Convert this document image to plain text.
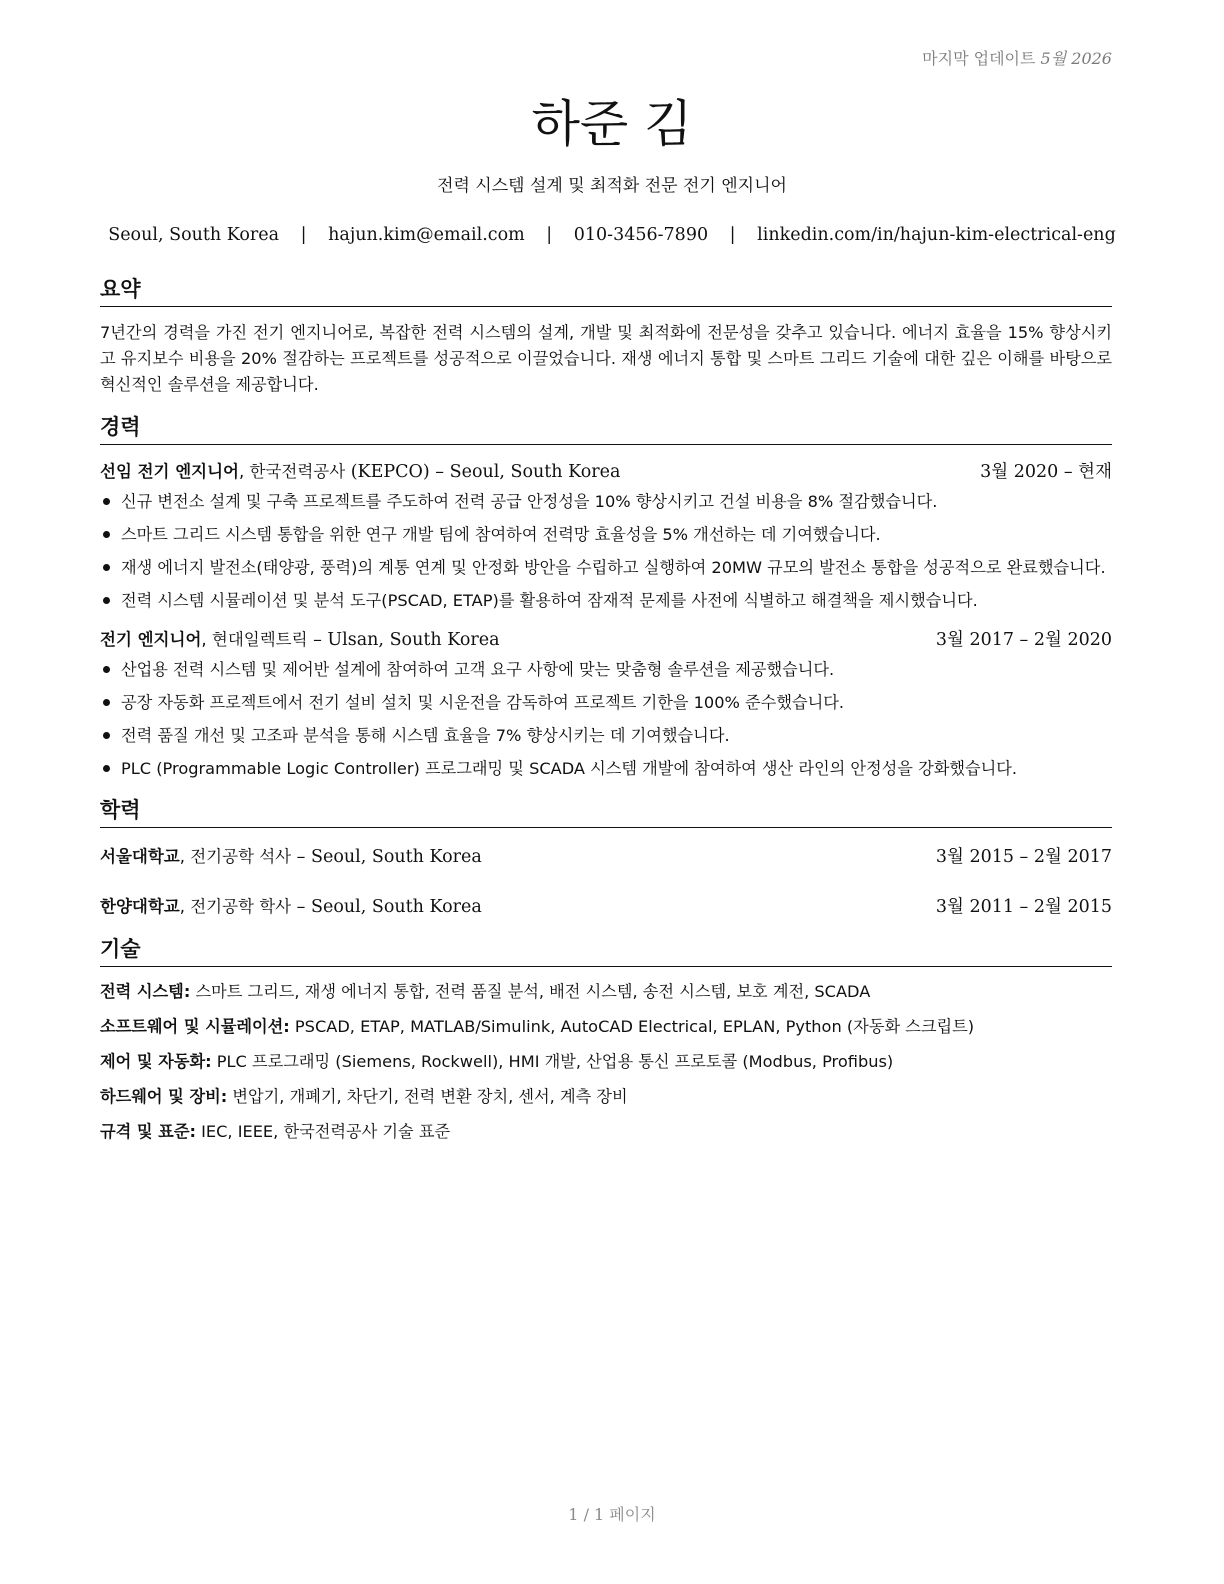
마지막 업데이트 5월 2026
하준 김
전력 시스템 설계 및 최적화 전문 전기 엔지니어
Seoul, South Korea | hajun.kim@email.com | 010-3456-7890 | linkedin.com/in/hajun-kim-electrical-eng
요약

7년간의 경력을 가진 전기 엔지니어로, 복잡한 전력 시스템의 설계, 개발 및 최적화에 전문성을 갖추고 있습니다. 에너지 효율을 15% 향상시키고 유지보수 비용을 20% 절감하는 프로젝트를 성공적으로 이끌었습니다. 재생 에너지 통합 및 스마트 그리드 기술에 대한 깊은 이해를 바탕으로 혁신적인 솔루션을 제공합니다.

경력
선임 전기 엔지니어, 한국전력공사 (KEPCO) – Seoul, South Korea	3월 2020 – 현재
신규 변전소 설계 및 구축 프로젝트를 주도하여 전력 공급 안정성을 10% 향상시키고 건설 비용을 8% 절감했습니다.
스마트 그리드 시스템 통합을 위한 연구 개발 팀에 참여하여 전력망 효율성을 5% 개선하는 데 기여했습니다.
재생 에너지 발전소(태양광, 풍력)의 계통 연계 및 안정화 방안을 수립하고 실행하여 20MW 규모의 발전소 통합을 성공적으로 완료했습니다.
전력 시스템 시뮬레이션 및 분석 도구(PSCAD, ETAP)를 활용하여 잠재적 문제를 사전에 식별하고 해결책을 제시했습니다.
전기 엔지니어, 현대일렉트릭 – Ulsan, South Korea	3월 2017 – 2월 2020
산업용 전력 시스템 및 제어반 설계에 참여하여 고객 요구 사항에 맞는 맞춤형 솔루션을 제공했습니다.
공장 자동화 프로젝트에서 전기 설비 설치 및 시운전을 감독하여 프로젝트 기한을 100% 준수했습니다.
전력 품질 개선 및 고조파 분석을 통해 시스템 효율을 7% 향상시키는 데 기여했습니다.
PLC (Programmable Logic Controller) 프로그래밍 및 SCADA 시스템 개발에 참여하여 생산 라인의 안정성을 강화했습니다.
학력
서울대학교, 전기공학 석사 – Seoul, South Korea	3월 2015 – 2월 2017
한양대학교, 전기공학 학사 – Seoul, South Korea	3월 2011 – 2월 2015
기술
전력 시스템: 스마트 그리드, 재생 에너지 통합, 전력 품질 분석, 배전 시스템, 송전 시스템, 보호 계전, SCADA
소프트웨어 및 시뮬레이션: PSCAD, ETAP, MATLAB/Simulink, AutoCAD Electrical, EPLAN, Python (자동화 스크립트)
제어 및 자동화: PLC 프로그래밍 (Siemens, Rockwell), HMI 개발, 산업용 통신 프로토콜 (Modbus, Profibus)
하드웨어 및 장비: 변압기, 개폐기, 차단기, 전력 변환 장치, 센서, 계측 장비
규격 및 표준: IEC, IEEE, 한국전력공사 기술 표준
1 / 1 페이지
